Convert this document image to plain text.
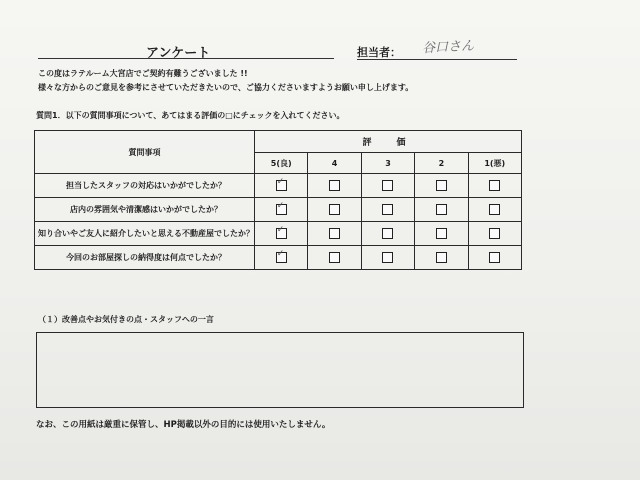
アンケート	担当者： 谷口さん
この度はラテルーム大宮店でご契約有難うございました !!
様々な方からのご意見を参考にさせていただきたいので、ご協力くださいますようお願い申し上げます。
質問1．以下の質問事項について、あてはまる評価の□にチェックを入れてください。
質問事項	評　価				
	5(良)	4	3	2	1(悪)
担当したスタッフの対応はいかがでしたか？	✓				
店内の雰囲気や清潔感はいかがでしたか？	✓				
知り合いやご友人に紹介したいと思える不動産屋でしたか？	✓				
今回のお部屋探しの納得度は何点でしたか？	✓				
（１）改善点やお気付きの点・スタッフへの一言
なお、この用紙は厳重に保管し、HP掲載以外の目的には使用いたしません。
